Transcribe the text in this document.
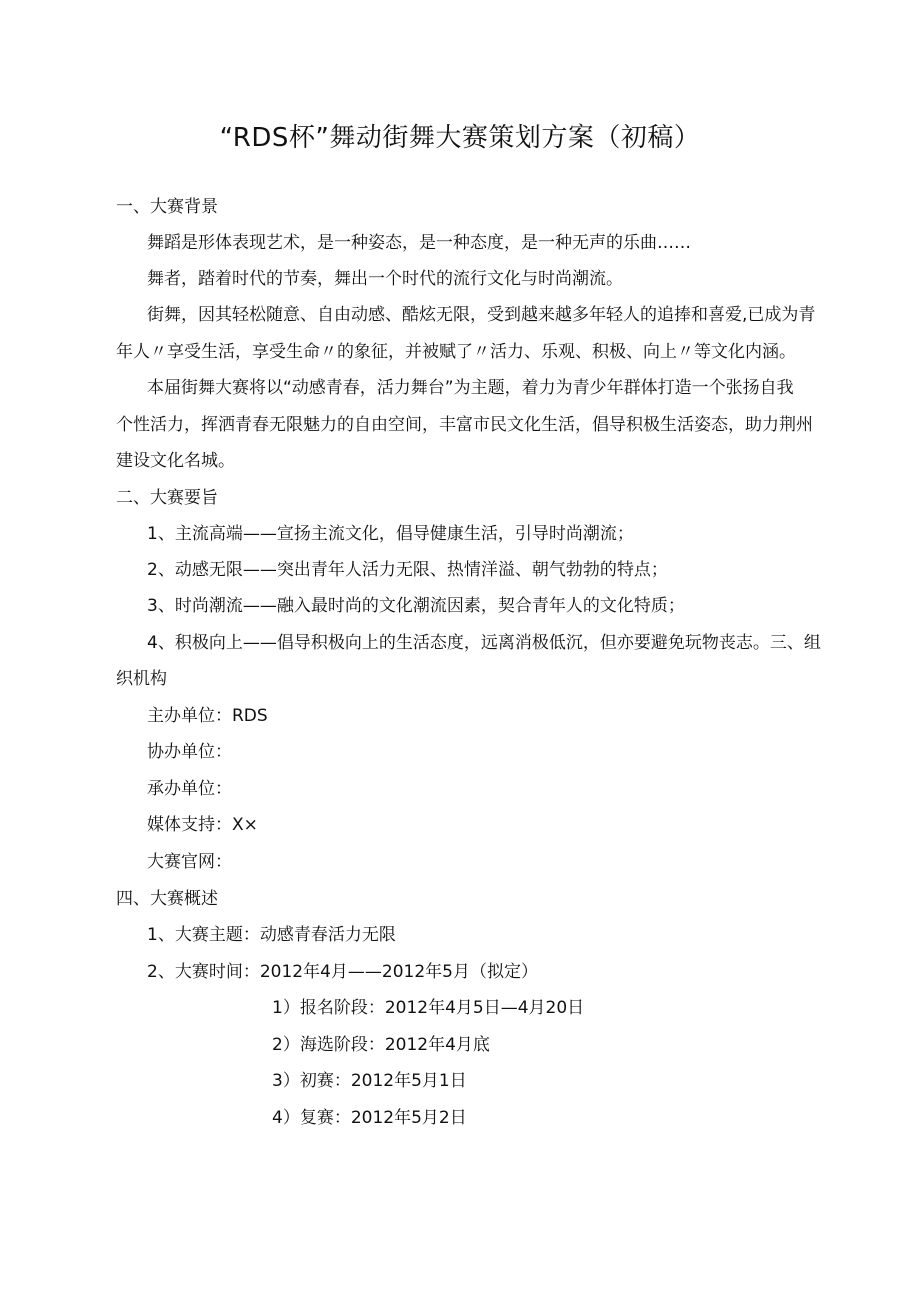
“RDS杯”舞动街舞大赛策划方案（初稿）
一、大赛背景
舞蹈是形体表现艺术，是一种姿态，是一种态度，是一种无声的乐曲……
舞者，踏着时代的节奏，舞出一个时代的流行文化与时尚潮流。
街舞，因其轻松随意、自由动感、酷炫无限，受到越来越多年轻人的追捧和喜爱,已成为青
年人〃享受生活，享受生命〃的象征，并被赋了〃活力、乐观、积极、向上〃等文化内涵。
本届街舞大赛将以“动感青春，活力舞台”为主题，着力为青少年群体打造一个张扬自我
个性活力，挥洒青春无限魅力的自由空间，丰富市民文化生活，倡导积极生活姿态，助力荆州
建设文化名城。
二、大赛要旨
1、主流高端——宣扬主流文化，倡导健康生活，引导时尚潮流；
2、动感无限——突出青年人活力无限、热情洋溢、朝气勃勃的特点；
3、时尚潮流——融入最时尚的文化潮流因素，契合青年人的文化特质；
4、积极向上——倡导积极向上的生活态度，远离消极低沉，但亦要避免玩物丧志。三、组
织机构
主办单位：RDS
协办单位：
承办单位：
媒体支持：X×
大赛官网：
四、大赛概述
1、大赛主题：动感青春活力无限
2、大赛时间：2012年4月——2012年5月（拟定）
1）报名阶段：2012年4月5日—4月20日
2）海选阶段：2012年4月底
3）初赛：2012年5月1日
4）复赛：2012年5月2日
